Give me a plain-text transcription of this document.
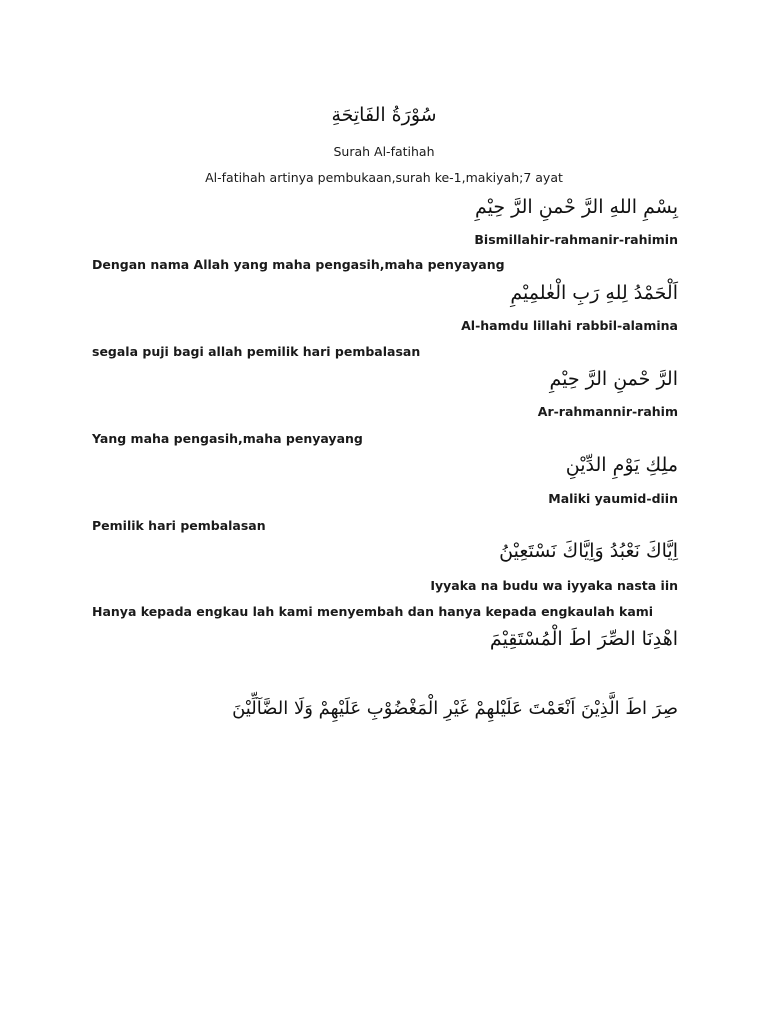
سُوْرَةُ الفَاتِحَةِ
Surah Al-fatihah
Al-fatihah artinya pembukaan,surah ke-1,makiyah;7 ayat
بِسْمِ اللهِ الرَّ حْمنِ الرَّ حِيْمِ
Bismillahir-rahmanir-rahimin
Dengan nama Allah yang maha pengasih,maha penyayang
اَلْحَمْدُ لِلهِ رَبِ الْعٰلمِيْمِ
Al-hamdu lillahi rabbil-alamina
segala puji bagi allah pemilik hari pembalasan
الرَّ حْمنِ الرَّ حِيْمِ
Ar-rahmannir-rahim
Yang maha pengasih,maha penyayang
ملِكِ يَوْمِ الدِّيْنِ
Maliki yaumid-diin
Pemilik hari pembalasan
اِيَّاكَ نَعْبُدُ وَاِيَّاكَ نَسْتَعِيْنُ
Iyyaka na budu wa iyyaka nasta iin
Hanya kepada engkau lah kami menyembah dan hanya kepada engkaulah kami
اهْدِنَا الصِّرَ اطَ الْمُسْتَقِيْمَ
صِرَ اطَ الَّذِيْنَ اَنْعَمْتَ عَلَيْلهِمْ غَيْرِ الْمَغْضُوْبِ عَلَيْهِمْ وَلَا الضَّآلِّيْنَ
